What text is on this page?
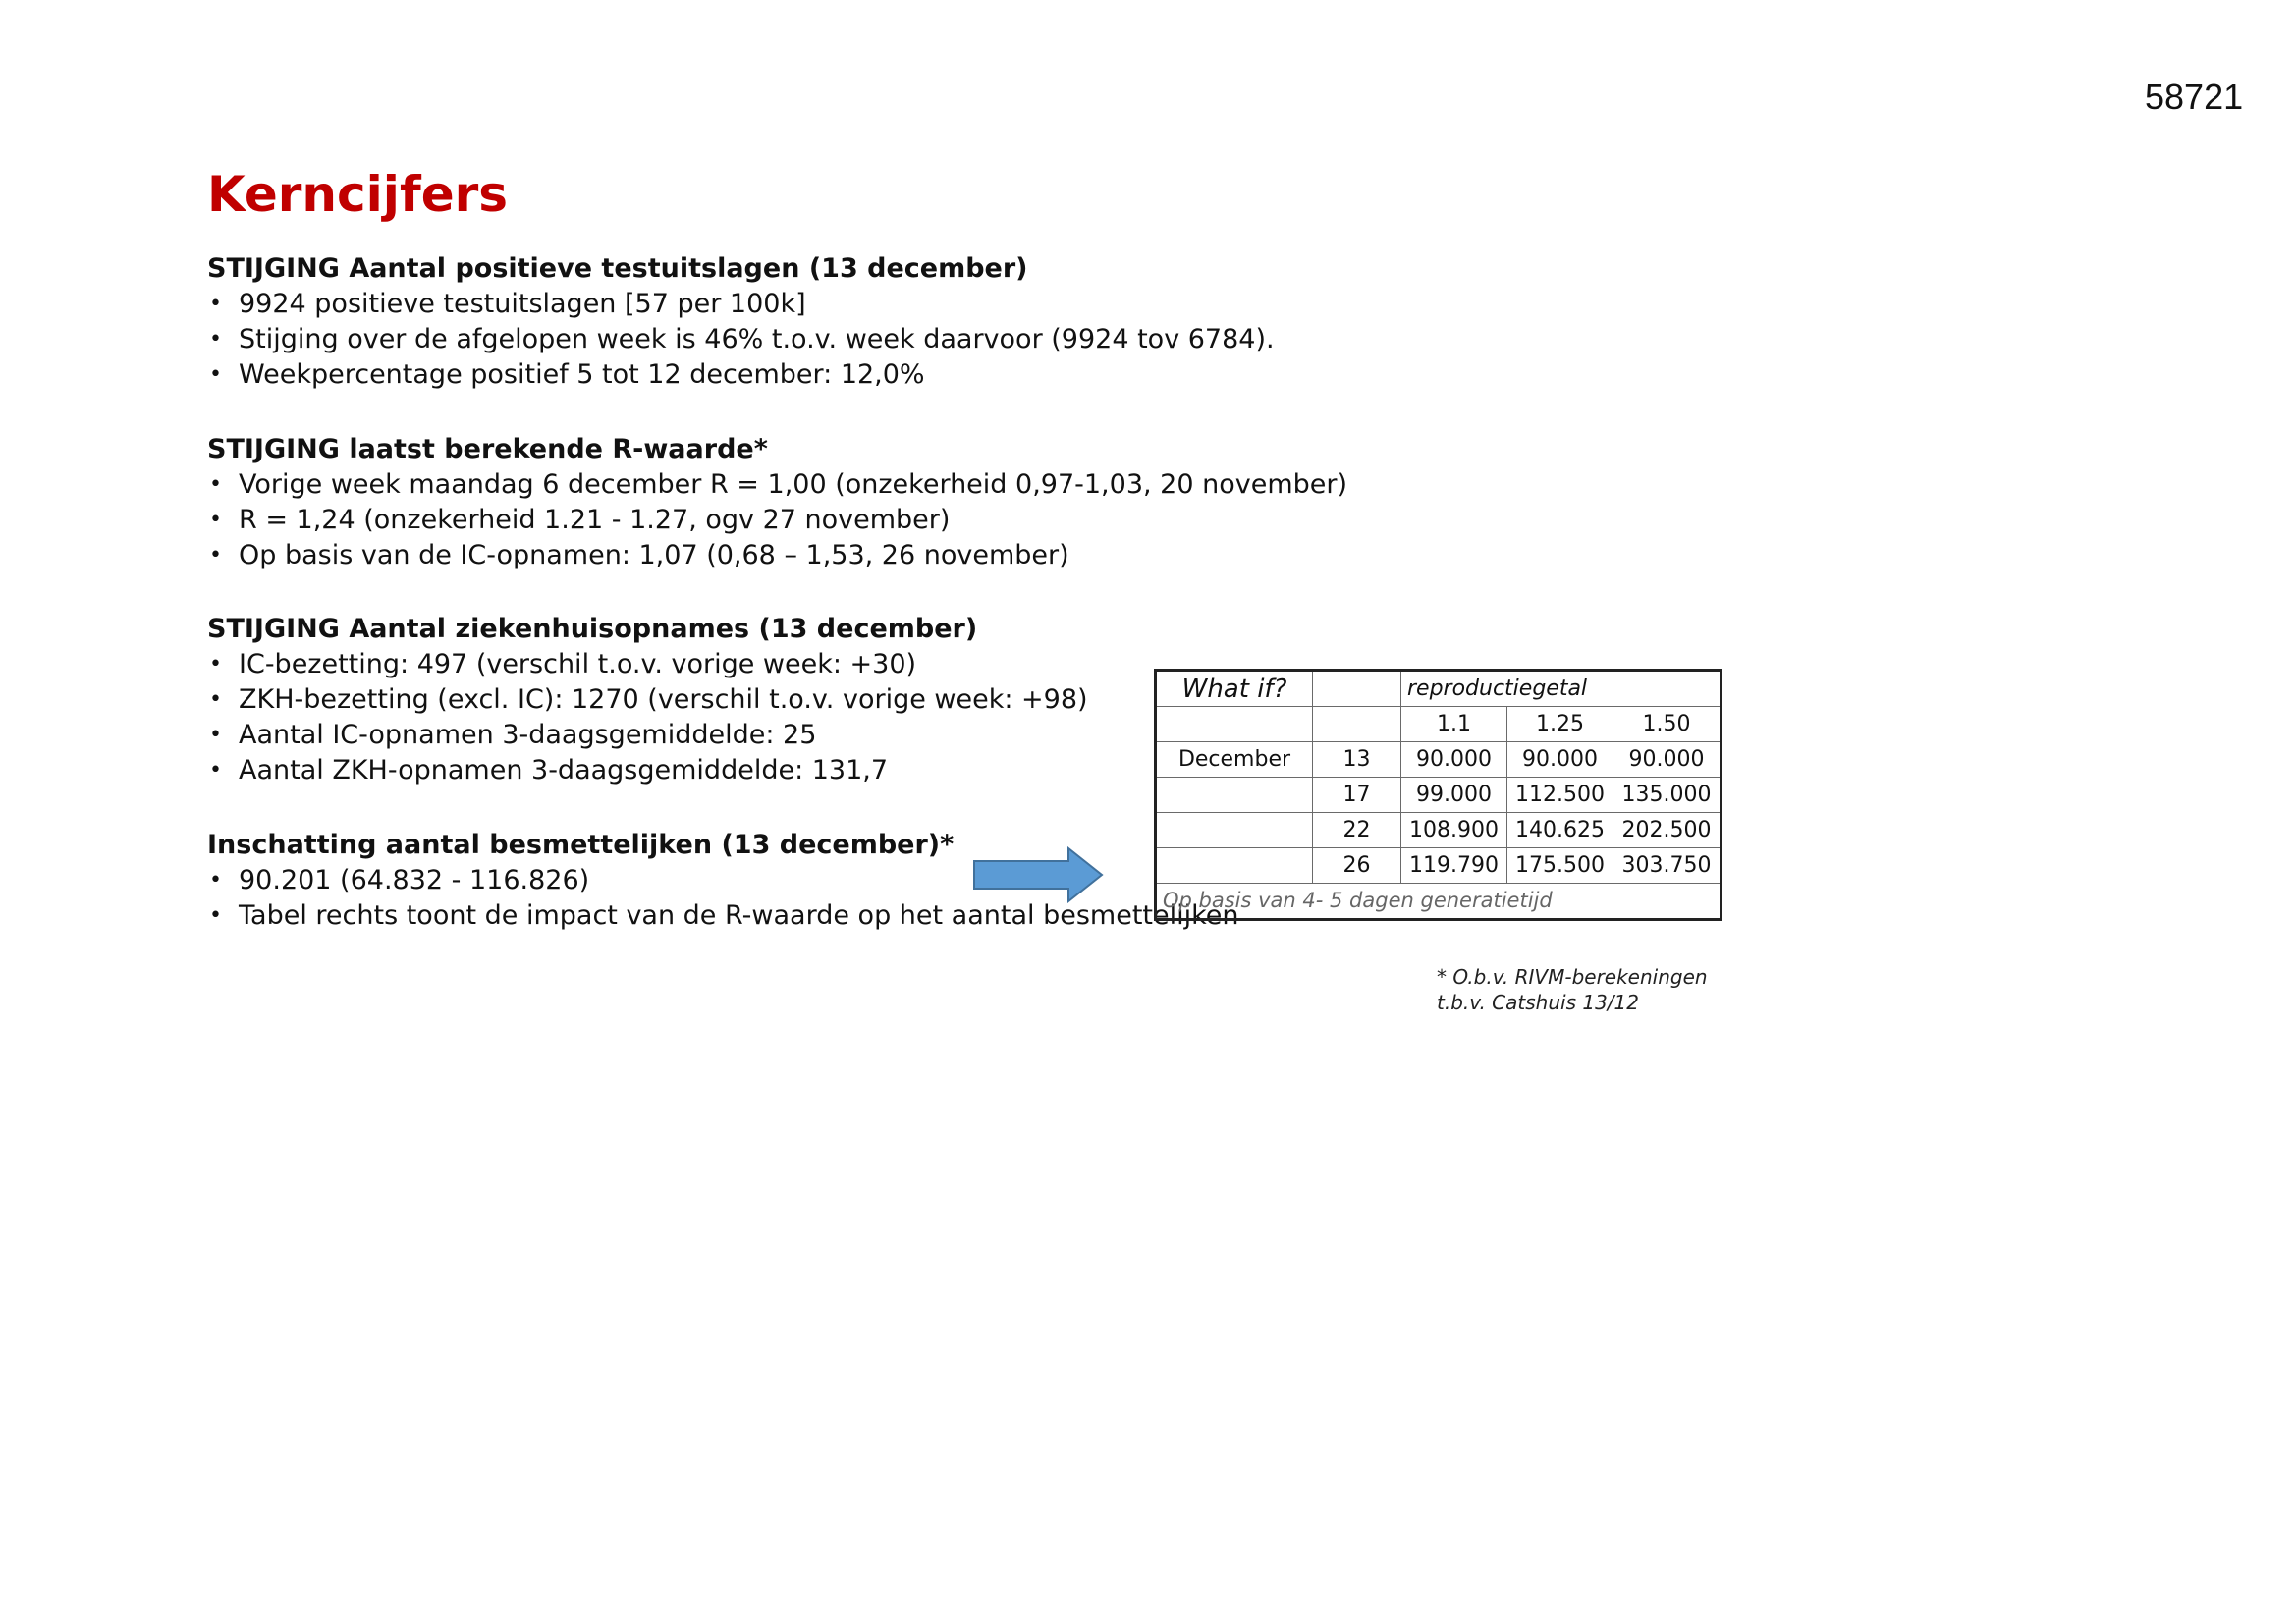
58721
Kerncijfers
STIJGING Aantal positieve testuitslagen (13 december)
• 9924 positieve testuitslagen [57 per 100k]
• Stijging over de afgelopen week is 46% t.o.v. week daarvoor (9924 tov 6784).
• Weekpercentage positief 5 tot 12 december: 12,0%
STIJGING laatst berekende R-waarde*
• Vorige week maandag 6 december R = 1,00 (onzekerheid 0,97-1,03, 20 november)
• R = 1,24 (onzekerheid 1.21 - 1.27, ogv 27 november)
• Op basis van de IC-opnamen: 1,07 (0,68 – 1,53, 26 november)
STIJGING Aantal ziekenhuisopnames (13 december)
• IC-bezetting: 497 (verschil t.o.v. vorige week: +30)
• ZKH-bezetting (excl. IC): 1270 (verschil t.o.v. vorige week: +98)
• Aantal IC-opnamen 3-daagsgemiddelde: 25
• Aantal ZKH-opnamen 3-daagsgemiddelde: 131,7
Inschatting aantal besmettelijken (13 december)*
• 90.201 (64.832 - 116.826)
• Tabel rechts toont de impact van de R-waarde op het aantal besmettelijken
What if?		reproductiegetal		
		1.1	1.25	1.50
December	13	90.000	90.000	90.000
	17	99.000	112.500	135.000
	22	108.900	140.625	202.500
	26	119.790	175.500	303.750
Op basis van 4- 5 dagen generatietijd				
* O.b.v. RIVM-berekeningen
t.b.v. Catshuis 13/12
